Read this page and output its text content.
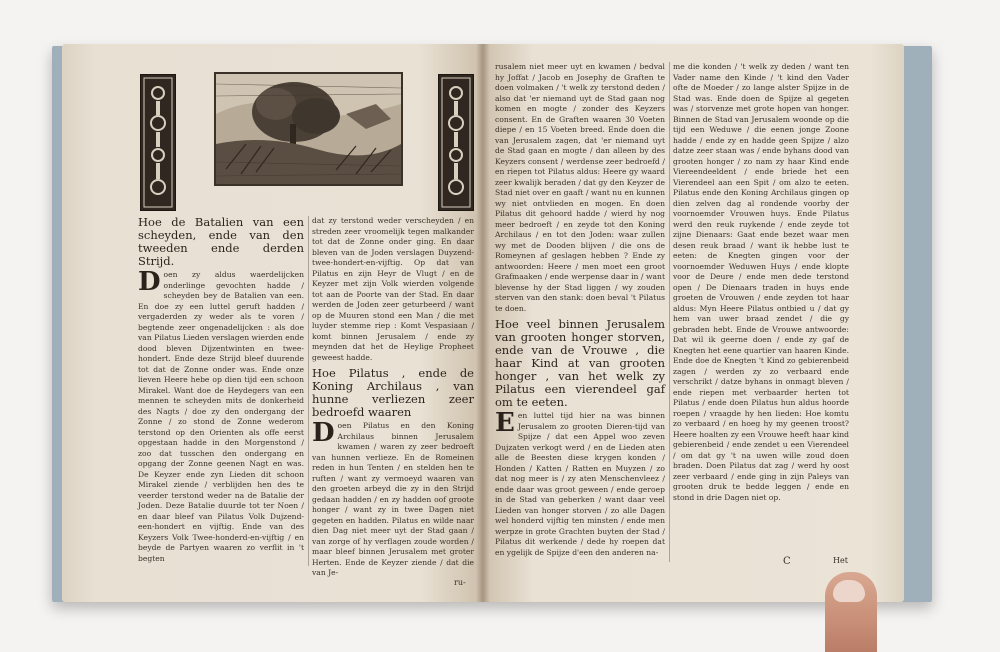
Hoe de Batalien van een scheyden, ende van den tweeden ende derden Strijd.

Doen zy aldus waerdelijcken onderlinge gevochten hadde / scheyden bey de Batalien van een. En doe zy een luttel geruft hadden / vergaderden zy weder als te voren / begtende zeer ongenadelijcken : als doe van Pilatus Lieden verslagen wierden ende dood bleven Dijzentwinten en twee-hondert. Ende deze Strijd bleef duurende tot dat de Zonne onder was. Ende onze lieven Heere hebe op dien tijd een schoon Mirakel. Want doe de Heydegers van een mennen te scheyden mits de donkerheid des Nagts / doe zy den ondergang der Zonne / zo stond de Zonne wederom terstond op den Orienten als offe eerst opgestaan hadde in den Morgenstond / zoo dat tusschen den ondergang en opgang der Zonne geenen Nagt en was. De Keyzer ende zyn Lieden dit schoon Mirakel ziende / verblijden hen des te veerder terstond weder na de Batalie der Joden. Deze Batalie duurde tot ter Noen / en daar bleef van Pilatus Volk Dujzend-een-hondert en vijftig. Ende van des Keyzers Volk Twee-honderd-en-vijftig / en beyde de Partyen waaren zo verflit in 't begten

dat zy terstond weder verscheyden / en streden zeer vroomelijk tegen malkander tot dat de Zonne onder ging. En daar bleven van de Joden verslagen Duyzend-twee-hondert-en-vijftig. Op dat van Pilatus en zijn Heyr de Vlugt / en de Keyzer met zijn Volk wierden volgende tot aan de Poorte van der Stad. En daar werden de Joden zeer geturbeerd / want op de Muuren stond een Man / die met luyder stemme riep : Komt Vespasiaan / komt binnen Jerusalem / ende zy meynden dat het de Heylige Propheet geweest hadde.

Hoe Pilatus , ende de Koning Archilaus , van hunne verliezen zeer bedroefd waaren

Doen Pilatus en den Koning Archilaus binnen Jerusalem kwamen / waren zy zeer bedroeft van hunnen verlieze. En de Romeinen reden in hun Tenten / en stelden hen te ruften / want zy vermoeyd waaren van den groeten arbeyd die zy in den Strijd gedaan hadden / en zy hadden oof groote honger / want zy in twee Dagen niet gegeten en hadden. Pilatus en wilde naar dien Dag niet meer uyt der Stad gaan / van zorge of hy verflagen zoude worden / maar bleef binnen Jerusalem met groter Herten. Ende de Keyzer ziende / dat die van Je-

ru-

rusalem niet meer uyt en kwamen / bedval hy Joffat / Jacob en Josephy de Graften te doen volmaken / 't welk zy terstond deden / also dat 'er niemand uyt de Stad gaan nog komen en mogte / zonder des Keyzers consent. En de Graften waaren 30 Voeten diepe / en 15 Voeten breed. Ende doen die van Jerusalem zagen, dat 'er niemand uyt de Stad gaan en mogte / dan alleen by des Keyzers consent / werdense zeer bedroefd / en riepen tot Pilatus aldus: Heere gy waard zeer kwalijk beraden / dat gy den Keyzer de Stad niet over en gaaft / want nu en kunnen wy niet ontvlieden en mogen. En doen Pilatus dit gehoord hadde / wierd hy nog meer bedroeft / en zeyde tot den Koning Archilaus / en tot den Joden: waar zullen wy met de Dooden blijven / die ons de Romeynen af geslagen hebben ? Ende zy antwoorden: Heere / men moet een groot Grafmaaken / ende werpense daar in / want blevense hy der Stad liggen / wy zouden sterven van den stank: doen beval 't Pilatus te doen.

Hoe veel binnen Jerusalem van grooten honger storven, ende van de Vrouwe , die haar Kind at van grooten honger , van het welk zy Pilatus een vierendeel gaf om te eeten.

Een luttel tijd hier na was binnen Jerusalem zo grooten Dieren-tijd van Spijze / dat een Appel woo zeven Dujzaten verkogt werd / en de Lieden aten alle de Beesten diese krygen konden / Honden / Katten / Ratten en Muyzen / zo dat nog meer is / zy aten Menschenvleez / ende daar was groot geween / ende geroep in de Stad van geberken / want daar veel Lieden van honger storven / zo alle Dagen wel honderd vijftig ten minsten / ende men werpze in grote Grachten buyten der Stad / Pilatus dit werkende / dede hy roepen dat en ygelijk de Spijze d'een den anderen na-

me die konden / 't welk zy deden / want ten Vader name den Kinde / 't kind den Vader ofte de Moeder / zo lange alster Spijze in de Stad was. Ende doen de Spijze al gegeten was / storvenze met grote hopen van honger. Binnen de Stad van Jerusalem woonde op die tijd een Weduwe / die eenen jonge Zoone hadde / ende zy en hadde geen Spijze / alzo datze zeer staan was / ende byhans dood van grooten honger / zo nam zy haar Kind ende Viereendeeldent / ende briede het een Vierendeel aan een Spit / om alzo te eeten. Pilatus ende den Koning Archilaus gingen op dien zelven dag al rondende voorby der voornoemder Vrouwen huys. Ende Pilatus werd den reuk ruykende / ende zeyde tot zijne Dienaars: Gaat ende bezet waar men desen reuk braad / want ik hebbe lust te eeten: de Knegten gingen voor der voornoemder Weduwen Huys / ende klopte voor de Deure / ende men dede terstond open / De Dienaars traden in huys ende groeten de Vrouwen / ende zeyden tot haar aldus: Myn Heere Pilatus ontbied u / dat gy hem van uwer braad zendet / die gy gebraden hebt. Ende de Vrouwe antwoorde: Dat wil ik geerne doen / ende zy gaf de Knegten het eene quartier van haaren Kinde. Ende doe de Knegten 't Kind zo gebierenbeid zagen / werden zy zo verbaard ende verschrikt / datze byhans in onmagt bleven / ende riepen met verbaarder herten tot Pilatus / ende doen Pilatus hun aldus hoorde roepen / vraagde hy hen lieden: Hoe komtu zo verbaard / en hoeg hy my geenen troost? Heere hoalten zy een Vrouwe heeft haar kind gebierenbeid / ende zendet u een Vierendeel / om dat gy 't na uwen wille zoud doen braden. Doen Pilatus dat zag / werd hy oost zeer verbaard / ende ging in zijn Paleys van grooten druk te bedde leggen / ende en stond in drie Dagen niet op.

C	Het
